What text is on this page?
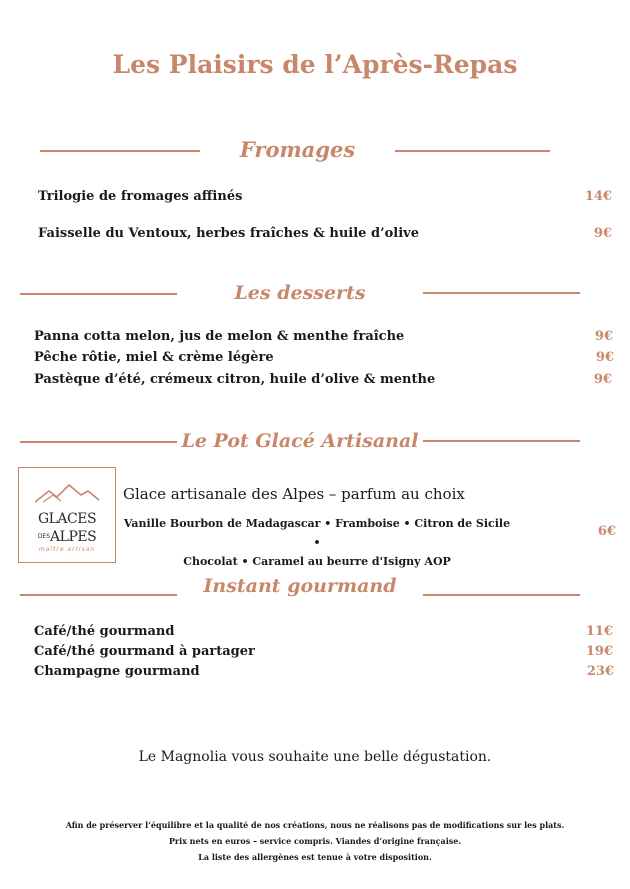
Les Plaisirs de l’Après-Repas
Fromages
Trilogie de fromages affinés	14€
Faisselle du Ventoux, herbes fraîches & huile d’olive	9€
Les desserts
Panna cotta melon, jus de melon & menthe fraîche	9€
Pêche rôtie, miel & crème légère	9€
Pastèque d’été, crémeux citron, huile d’olive & menthe	9€
Le Pot Glacé Artisanal
GLACES
DESALPES
maître artisan
Glace artisanale des Alpes – parfum au choix
Vanille Bourbon de Madagascar • Framboise • Citron de Sicile •
Chocolat • Caramel au beurre d'Isigny AOP
6€
Instant gourmand
Café/thé gourmand	11€
Café/thé gourmand à partager	19€
Champagne gourmand	23€
Le Magnolia vous souhaite une belle dégustation.
Afin de préserver l’équilibre et la qualité de nos créations, nous ne réalisons pas de modifications sur les plats.
Prix nets en euros – service compris. Viandes d’origine française.
La liste des allergènes est tenue à votre disposition.
